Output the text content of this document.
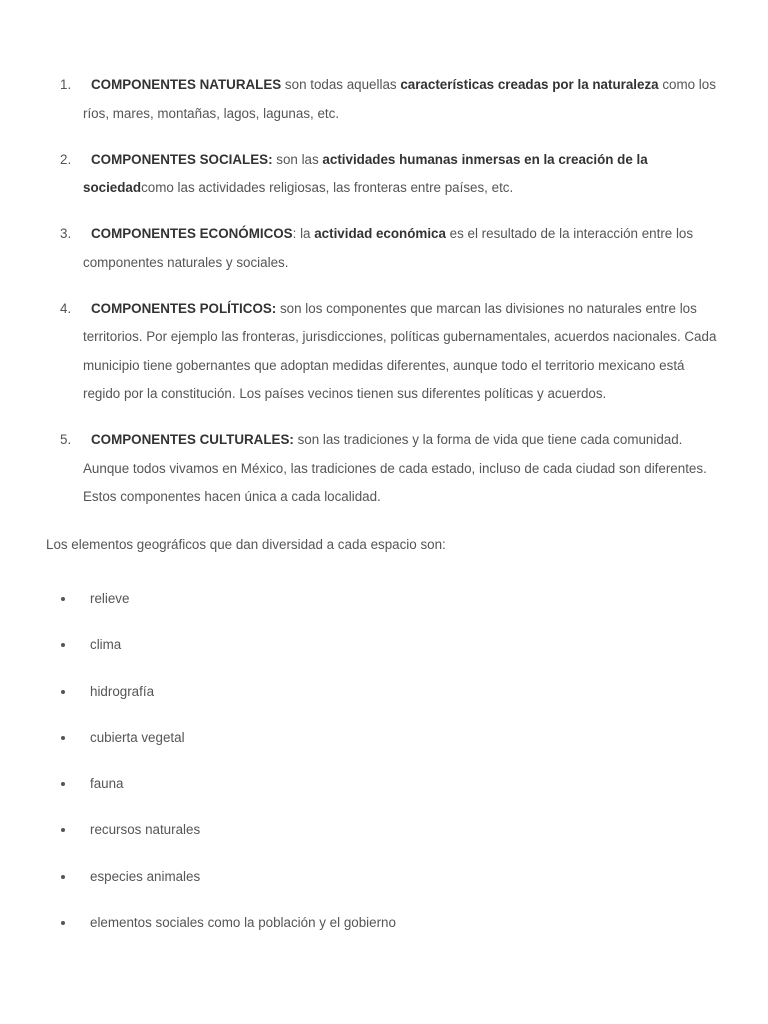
1.	COMPONENTES NATURALES son todas aquellas características creadas por la naturaleza como los ríos, mares, montañas, lagos, lagunas, etc.
2.	COMPONENTES SOCIALES: son las actividades humanas inmersas en la creación de la sociedadcomo las actividades religiosas, las fronteras entre países, etc.
3.	COMPONENTES ECONÓMICOS: la actividad económica es el resultado de la interacción entre los componentes naturales y sociales.
4.	COMPONENTES POLÍTICOS: son los componentes que marcan las divisiones no naturales entre los territorios. Por ejemplo las fronteras, jurisdicciones, políticas gubernamentales, acuerdos nacionales. Cada municipio tiene gobernantes que adoptan medidas diferentes, aunque todo el territorio mexicano está regido por la constitución. Los países vecinos tienen sus diferentes políticas y acuerdos.
5.	COMPONENTES CULTURALES: son las tradiciones y la forma de vida que tiene cada comunidad. Aunque todos vivamos en México, las tradiciones de cada estado, incluso de cada ciudad son diferentes. Estos componentes hacen única a cada localidad.

Los elementos geográficos que dan diversidad a cada espacio son:

relieve
clima
hidrografía
cubierta vegetal
fauna
recursos naturales
especies animales
elementos sociales como la población y el gobierno
